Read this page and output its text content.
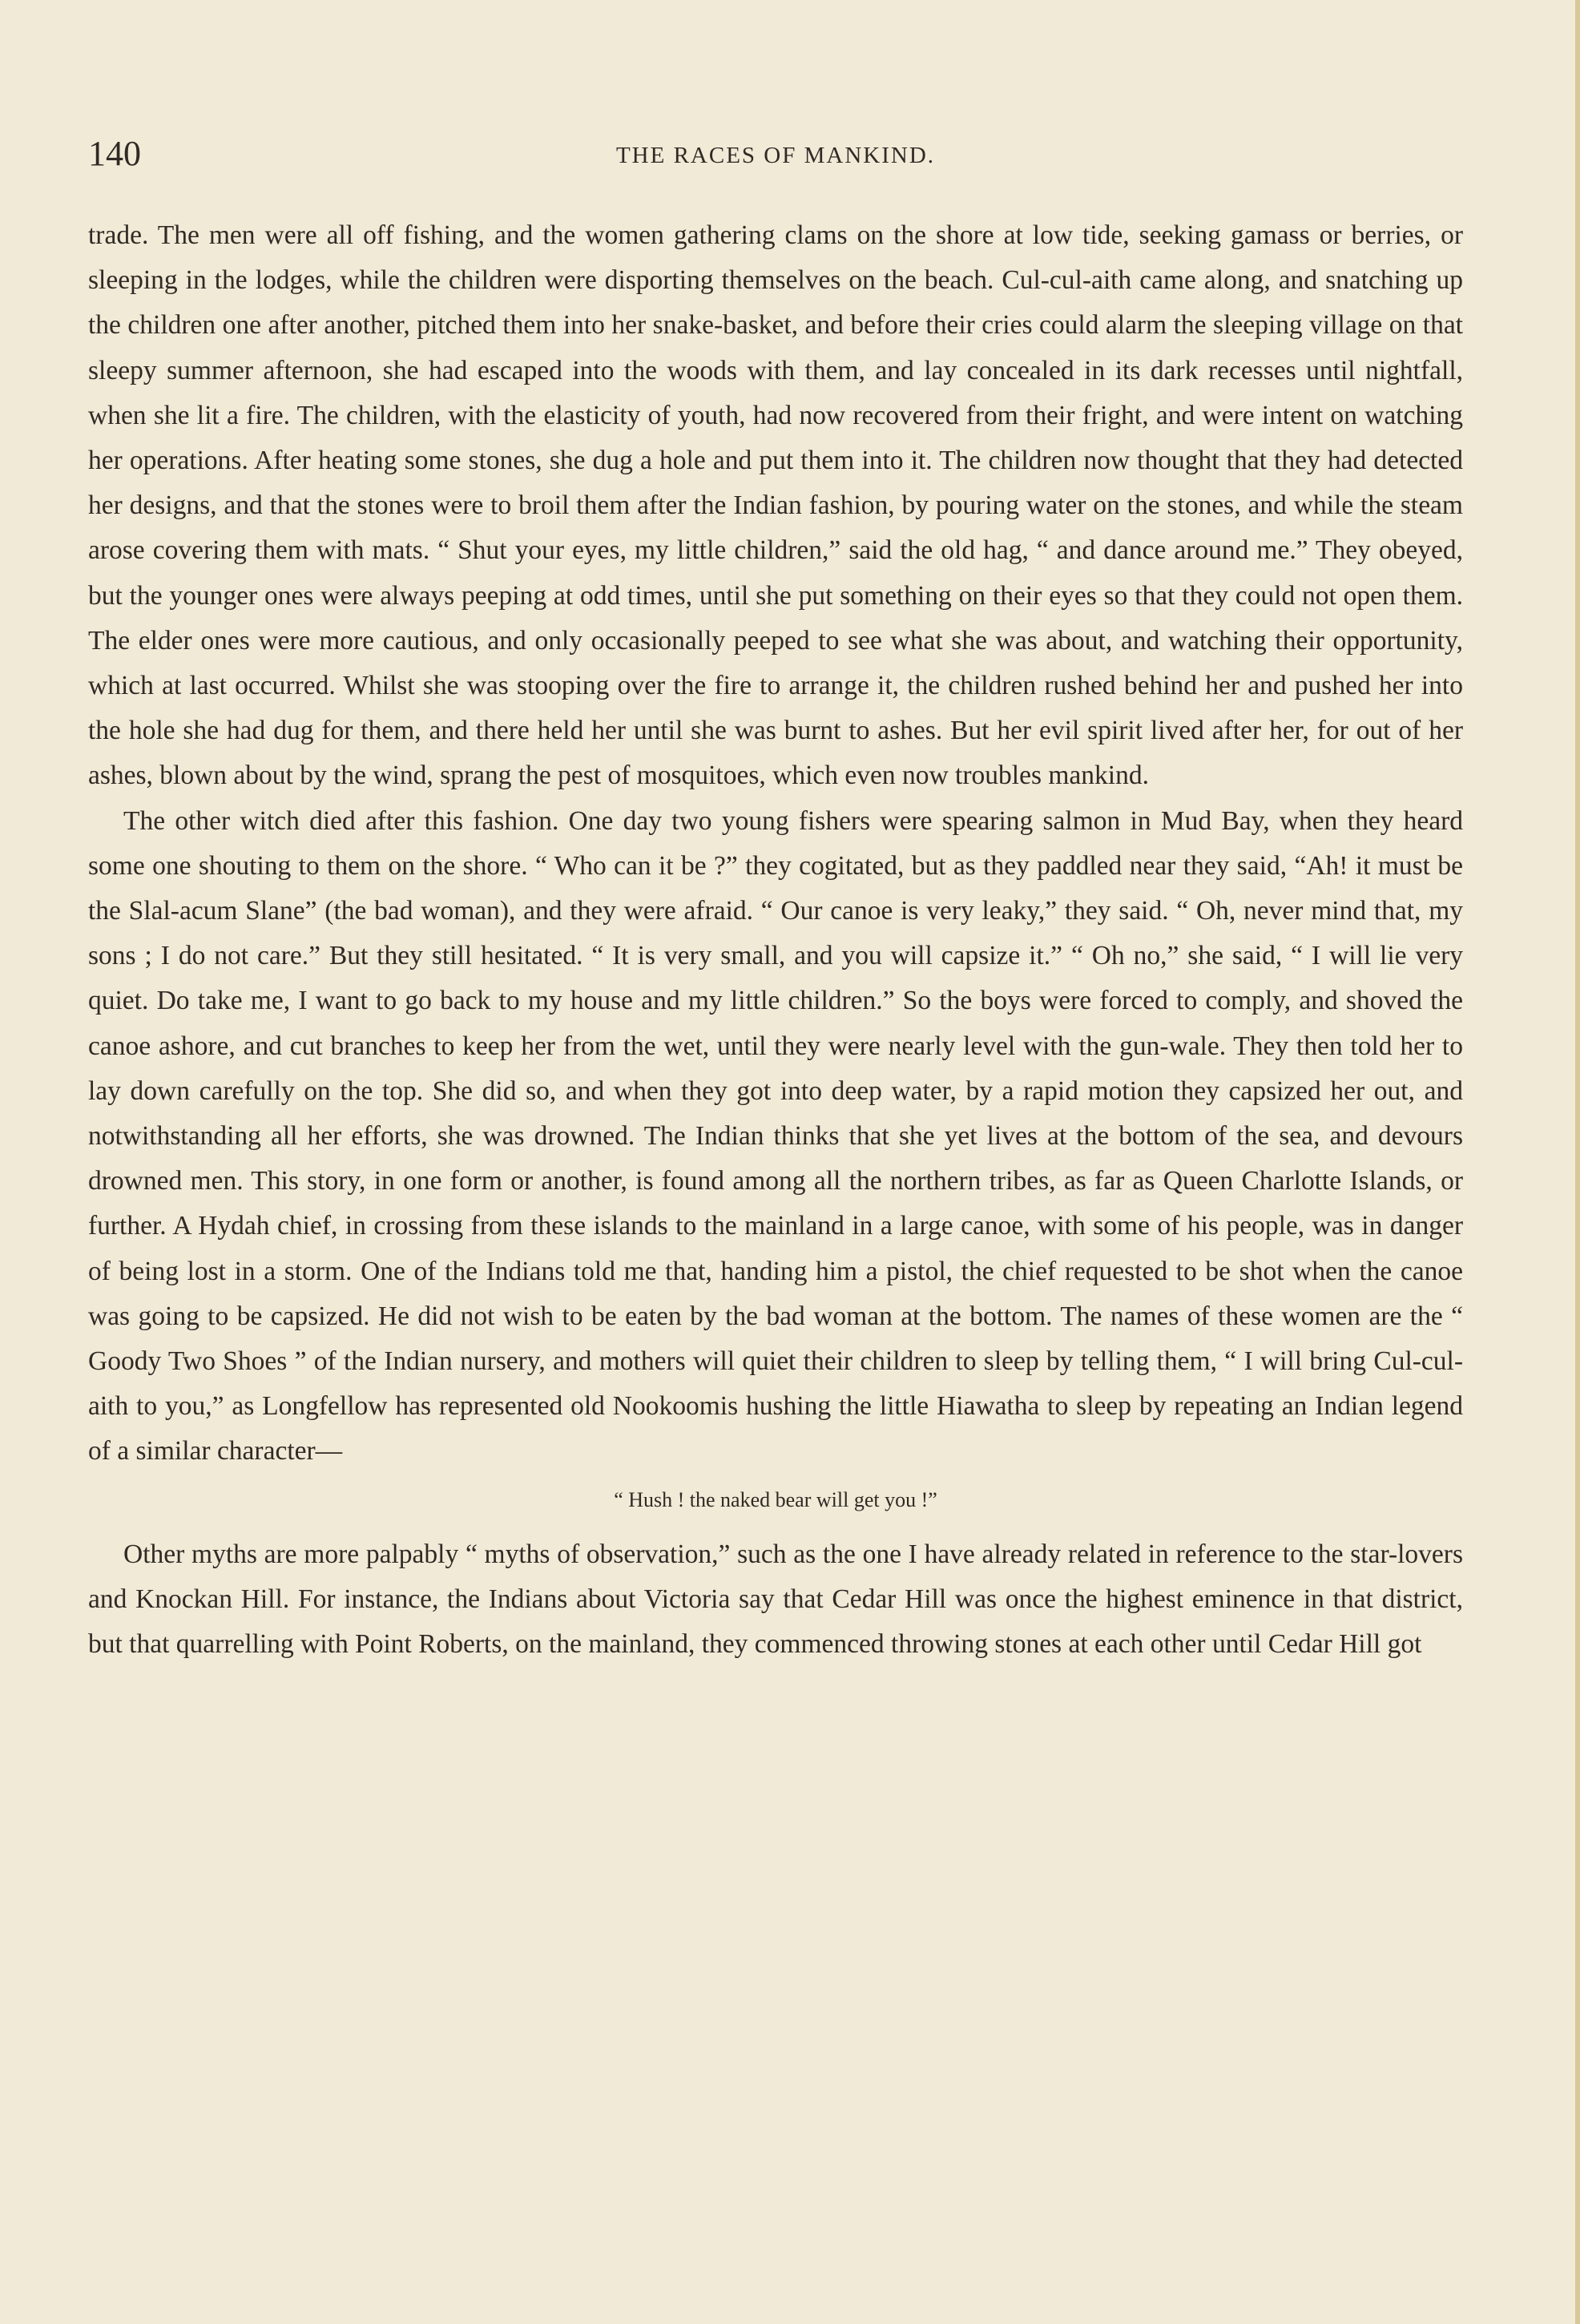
140	THE RACES OF MANKIND.

trade. The men were all off fishing, and the women gathering clams on the shore at low tide, seeking gamass or berries, or sleeping in the lodges, while the children were disporting themselves on the beach. Cul-cul-aith came along, and snatching up the children one after another, pitched them into her snake-basket, and before their cries could alarm the sleeping village on that sleepy summer afternoon, she had escaped into the woods with them, and lay concealed in its dark recesses until nightfall, when she lit a fire. The children, with the elasticity of youth, had now recovered from their fright, and were intent on watching her operations. After heating some stones, she dug a hole and put them into it. The children now thought that they had detected her designs, and that the stones were to broil them after the Indian fashion, by pouring water on the stones, and while the steam arose covering them with mats. “ Shut your eyes, my little children,” said the old hag, “ and dance around me.” They obeyed, but the younger ones were always peeping at odd times, until she put something on their eyes so that they could not open them. The elder ones were more cautious, and only occasionally peeped to see what she was about, and watching their opportunity, which at last occurred. Whilst she was stooping over the fire to arrange it, the children rushed behind her and pushed her into the hole she had dug for them, and there held her until she was burnt to ashes. But her evil spirit lived after her, for out of her ashes, blown about by the wind, sprang the pest of mosquitoes, which even now troubles mankind.

The other witch died after this fashion. One day two young fishers were spearing salmon in Mud Bay, when they heard some one shouting to them on the shore. “ Who can it be ?” they cogitated, but as they paddled near they said, “Ah! it must be the Slal-acum Slane” (the bad woman), and they were afraid. “ Our canoe is very leaky,” they said. “ Oh, never mind that, my sons ; I do not care.” But they still hesitated. “ It is very small, and you will capsize it.” “ Oh no,” she said, “ I will lie very quiet. Do take me, I want to go back to my house and my little children.” So the boys were forced to comply, and shoved the canoe ashore, and cut branches to keep her from the wet, until they were nearly level with the gun-wale. They then told her to lay down carefully on the top. She did so, and when they got into deep water, by a rapid motion they capsized her out, and notwithstanding all her efforts, she was drowned. The Indian thinks that she yet lives at the bottom of the sea, and devours drowned men. This story, in one form or another, is found among all the northern tribes, as far as Queen Charlotte Islands, or further. A Hydah chief, in crossing from these islands to the mainland in a large canoe, with some of his people, was in danger of being lost in a storm. One of the Indians told me that, handing him a pistol, the chief requested to be shot when the canoe was going to be capsized. He did not wish to be eaten by the bad woman at the bottom. The names of these women are the “ Goody Two Shoes ” of the Indian nursery, and mothers will quiet their children to sleep by telling them, “ I will bring Cul-cul-aith to you,” as Longfellow has represented old Nookoomis hushing the little Hiawatha to sleep by repeating an Indian legend of a similar character—

“ Hush ! the naked bear will get you !”

Other myths are more palpably “ myths of observation,” such as the one I have already related in reference to the star-lovers and Knockan Hill. For instance, the Indians about Victoria say that Cedar Hill was once the highest eminence in that district, but that quarrelling with Point Roberts, on the mainland, they commenced throwing stones at each other until Cedar Hill got
